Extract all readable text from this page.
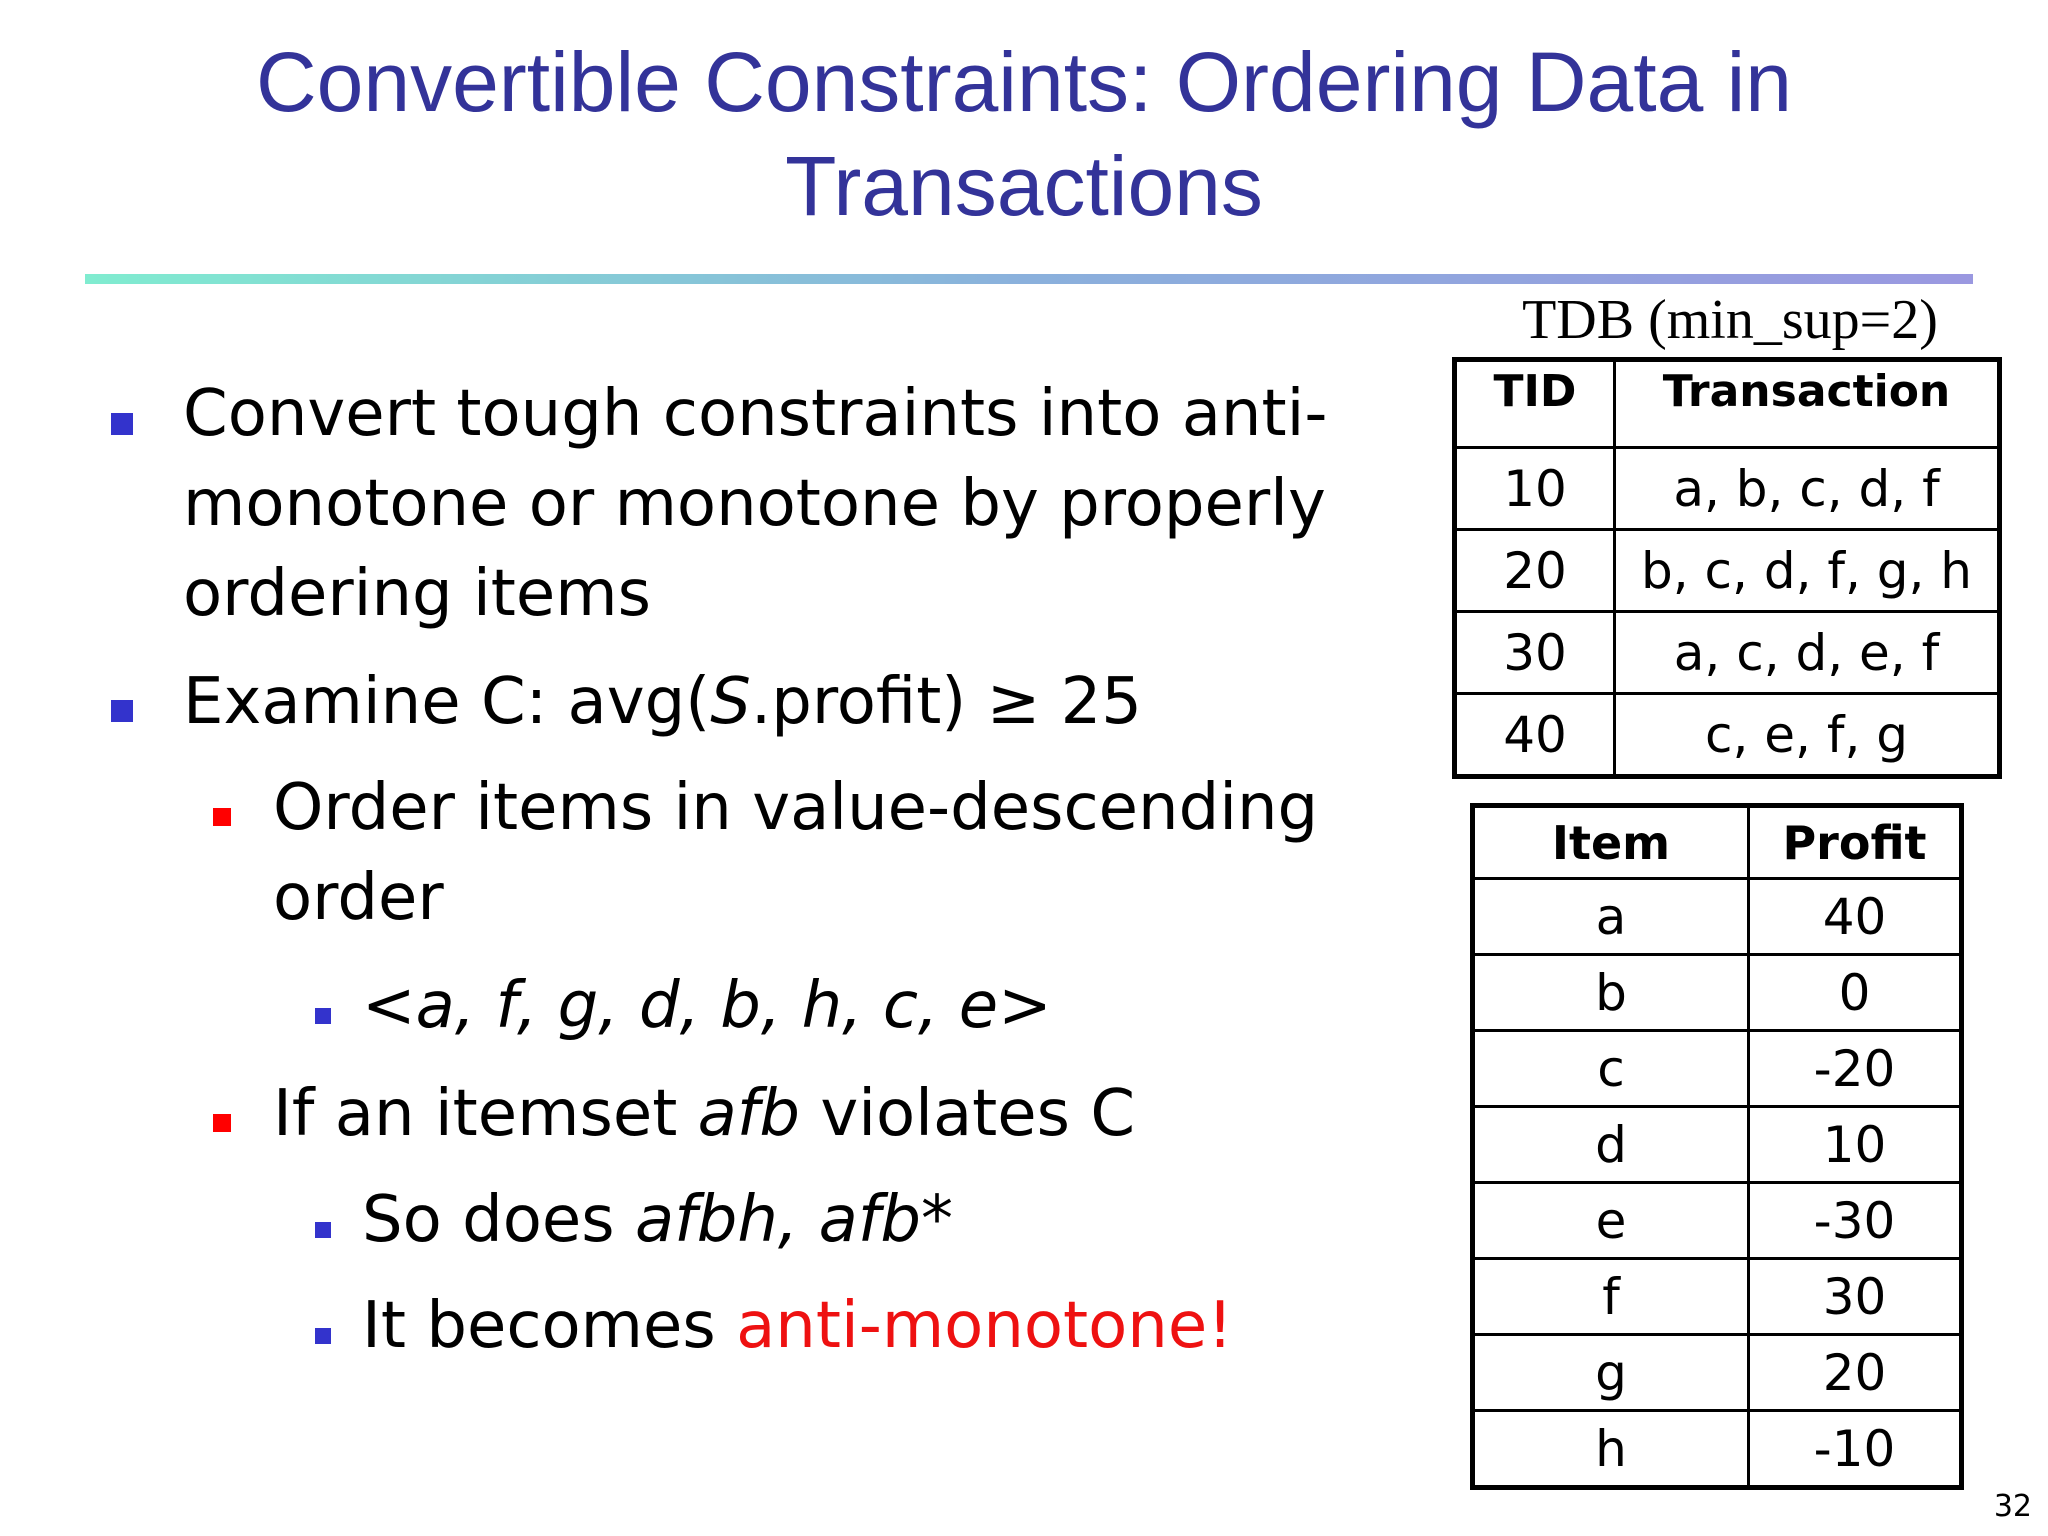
Convertible Constraints: Ordering Data in
Transactions
Convert tough constraints into anti-
monotone or monotone by properly
ordering items
Examine C: avg(S.profit) ≥ 25
Order items in value-descending
order
<a, f, g, d, b, h, c, e>
If an itemset afb violates C
So does afbh, afb*
It becomes anti-monotone!
TDB (min_sup=2)
TID	Transaction
10	a, b, c, d, f
20	b, c, d, f, g, h
30	a, c, d, e, f
40	c, e, f, g
Item	Profit
a	40
b	0
c	-20
d	10
e	-30
f	30
g	20
h	-10
32
